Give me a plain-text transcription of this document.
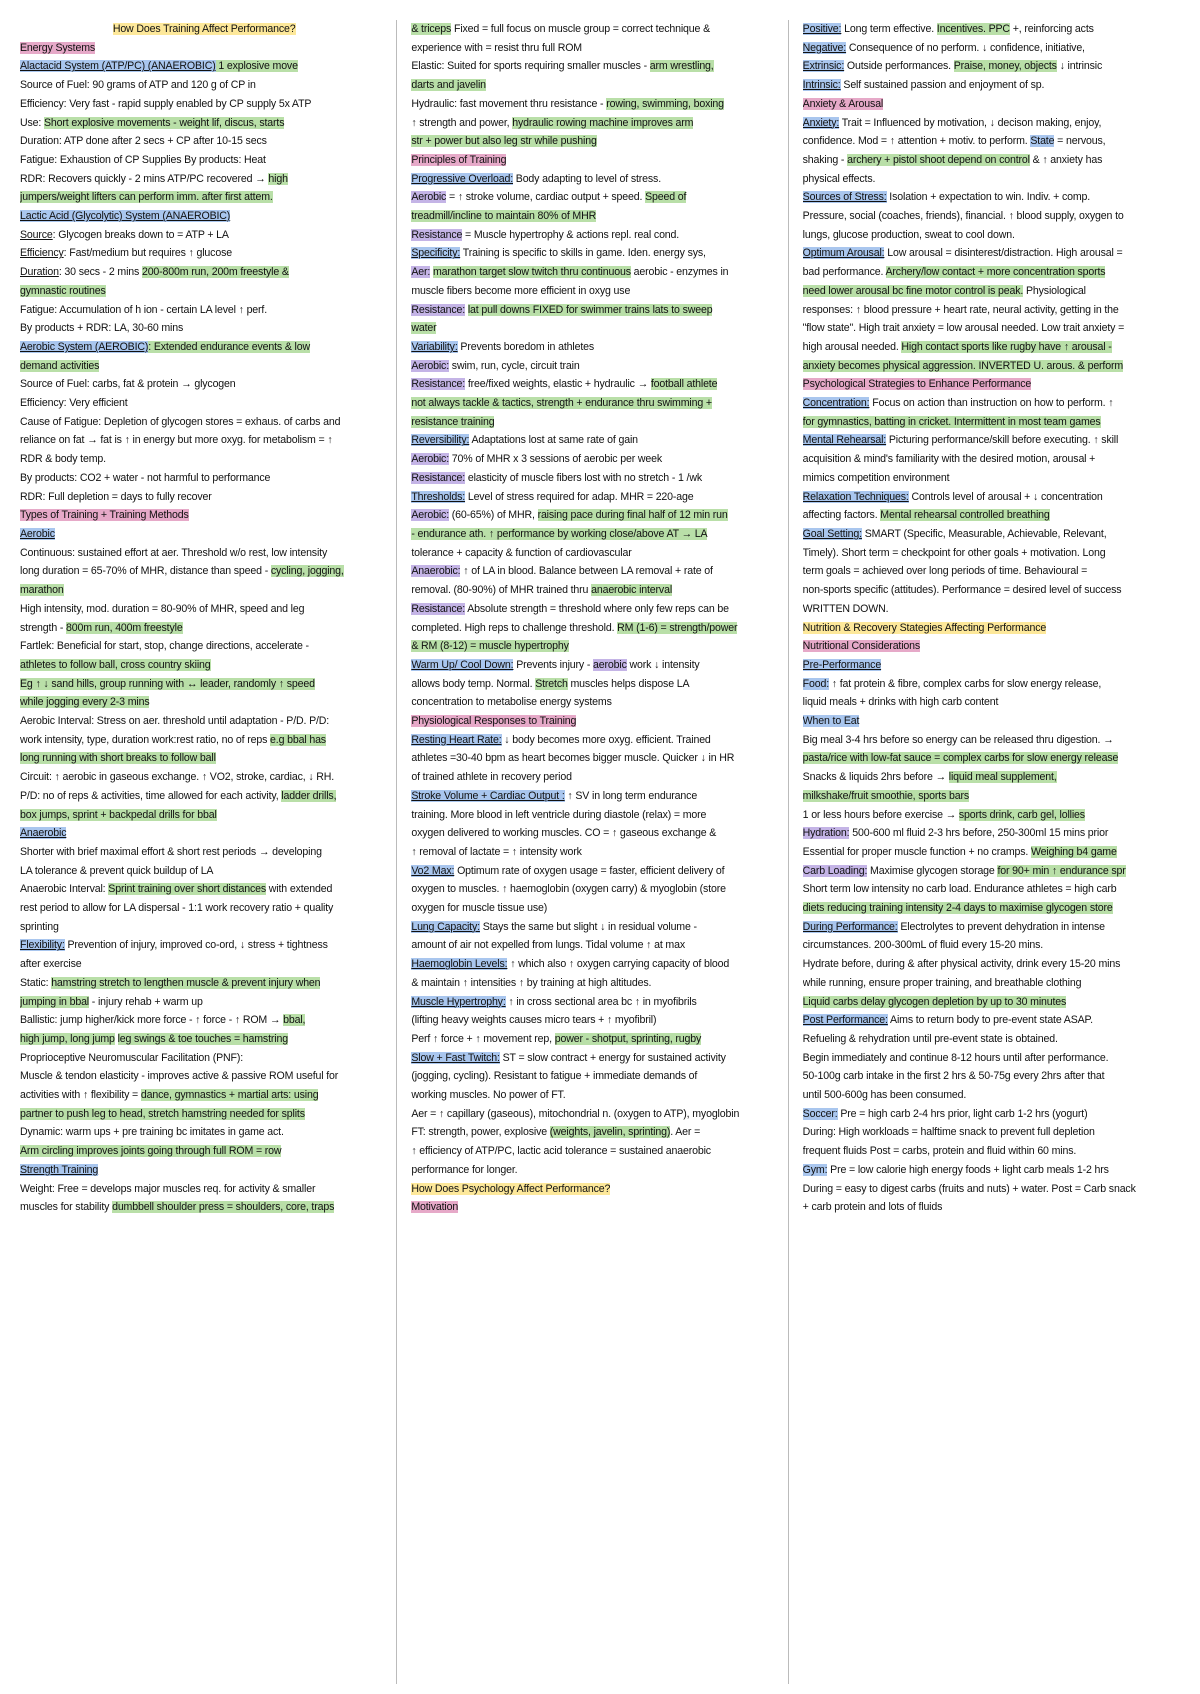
How Does Training Affect Performance?
Energy Systems
Alactacid System (ATP/PC) (ANAEROBIC) 1 explosive move
Source of Fuel: 90 grams of ATP and 120 g of CP in
Efficiency: Very fast - rapid supply enabled by CP supply 5x ATP
Use: Short explosive movements - weight lif, discus, starts
Duration: ATP done after 2 secs + CP after 10-15 secs
Fatigue: Exhaustion of CP Supplies By products: Heat
RDR: Recovers quickly - 2 mins ATP/PC recovered → high
jumpers/weight lifters can perform imm. after first attem.
Lactic Acid (Glycolytic) System (ANAEROBIC)
Source: Glycogen breaks down to = ATP + LA
Efficiency: Fast/medium but requires ↑ glucose
Duration: 30 secs - 2 mins 200-800m run, 200m freestyle &
gymnastic routines
Fatigue: Accumulation of h ion - certain LA level ↑ perf.
By products + RDR: LA, 30-60 mins
Aerobic System (AEROBIC): Extended endurance events & low
demand activities
Source of Fuel: carbs, fat & protein → glycogen
Efficiency: Very efficient
Cause of Fatigue: Depletion of glycogen stores = exhaus. of carbs and
reliance on fat → fat is ↑ in energy but more oxyg. for metabolism = ↑
RDR & body temp.
By products: CO2 + water - not harmful to performance
RDR: Full depletion = days to fully recover
Types of Training + Training Methods
Aerobic
Continuous: sustained effort at aer. Threshold w/o rest, low intensity
long duration = 65-70% of MHR, distance than speed - cycling, jogging,
marathon
High intensity, mod. duration = 80-90% of MHR, speed and leg
strength - 800m run, 400m freestyle
Fartlek: Beneficial for start, stop, change directions, accelerate -
athletes to follow ball, cross country skiing
Eg ↑ ↓ sand hills, group running with ↔ leader, randomly ↑ speed
while jogging every 2-3 mins
Aerobic Interval: Stress on aer. threshold until adaptation - P/D. P/D:
work intensity, type, duration work:rest ratio, no of reps e.g bbal has
long running with short breaks to follow ball
Circuit: ↑ aerobic in gaseous exchange. ↑ VO2, stroke, cardiac, ↓ RH.
P/D: no of reps & activities, time allowed for each activity, ladder drills,
box jumps, sprint + backpedal drills for bbal
Anaerobic
Shorter with brief maximal effort & short rest periods → developing
LA tolerance & prevent quick buildup of LA
Anaerobic Interval: Sprint training over short distances with extended
rest period to allow for LA dispersal - 1:1 work recovery ratio + quality
sprinting
Flexibility: Prevention of injury, improved co-ord, ↓ stress + tightness
after exercise
Static: hamstring stretch to lengthen muscle & prevent injury when
jumping in bbal - injury rehab + warm up
Ballistic: jump higher/kick more force - ↑ force - ↑ ROM → bbal,
high jump, long jump leg swings & toe touches = hamstring
Proprioceptive Neuromuscular Facilitation (PNF):
Muscle & tendon elasticity - improves active & passive ROM useful for
activities with ↑ flexibility = dance, gymnastics + martial arts: using
partner to push leg to head, stretch hamstring needed for splits
Dynamic: warm ups + pre training bc imitates in game act.
Arm circling improves joints going through full ROM = row
Strength Training
Weight: Free = develops major muscles req. for activity & smaller
muscles for stability dumbbell shoulder press = shoulders, core, traps
& triceps Fixed = full focus on muscle group = correct technique &
experience with = resist thru full ROM
Elastic: Suited for sports requiring smaller muscles - arm wrestling,
darts and javelin
Hydraulic: fast movement thru resistance - rowing, swimming, boxing
↑ strength and power, hydraulic rowing machine improves arm
str + power but also leg str while pushing
Principles of Training
Progressive Overload: Body adapting to level of stress.
Aerobic = ↑ stroke volume, cardiac output + speed. Speed of
treadmill/incline to maintain 80% of MHR
Resistance = Muscle hypertrophy & actions repl. real cond.
Specificity: Training is specific to skills in game. Iden. energy sys,
Aer: marathon target slow twitch thru continuous aerobic - enzymes in
muscle fibers become more efficient in oxyg use
Resistance: lat pull downs FIXED for swimmer trains lats to sweep
water
Variability: Prevents boredom in athletes
Aerobic: swim, run, cycle, circuit train
Resistance: free/fixed weights, elastic + hydraulic → football athlete
not always tackle & tactics, strength + endurance thru swimming +
resistance training
Reversibility: Adaptations lost at same rate of gain
Aerobic: 70% of MHR x 3 sessions of aerobic per week
Resistance: elasticity of muscle fibers lost with no stretch - 1 /wk
Thresholds: Level of stress required for adap. MHR = 220-age
Aerobic: (60-65%) of MHR, raising pace during final half of 12 min run
- endurance ath. ↑ performance by working close/above AT → LA
tolerance + capacity & function of cardiovascular
Anaerobic: ↑ of LA in blood. Balance between LA removal + rate of
removal. (80-90%) of MHR trained thru anaerobic interval
Resistance: Absolute strength = threshold where only few reps can be
completed. High reps to challenge threshold. RM (1-6) = strength/power
& RM (8-12) = muscle hypertrophy
Warm Up/ Cool Down: Prevents injury - aerobic work ↓ intensity
allows body temp. Normal. Stretch muscles helps dispose LA
concentration to metabolise energy systems
Physiological Responses to Training
Resting Heart Rate: ↓ body becomes more oxyg. efficient. Trained
athletes =30-40 bpm as heart becomes bigger muscle. Quicker ↓ in HR
of trained athlete in recovery period
Stroke Volume + Cardiac Output : ↑ SV in long term endurance
training. More blood in left ventricle during diastole (relax) = more
oxygen delivered to working muscles. CO = ↑ gaseous exchange &
↑ removal of lactate = ↑ intensity work
Vo2 Max: Optimum rate of oxygen usage = faster, efficient delivery of
oxygen to muscles. ↑ haemoglobin (oxygen carry) & myoglobin (store
oxygen for muscle tissue use)
Lung Capacity: Stays the same but slight ↓ in residual volume -
amount of air not expelled from lungs. Tidal volume ↑ at max
Haemoglobin Levels: ↑ which also ↑ oxygen carrying capacity of blood
& maintain ↑ intensities ↑ by training at high altitudes.
Muscle Hypertrophy: ↑ in cross sectional area bc ↑ in myofibrils
(lifting heavy weights causes micro tears + ↑ myofibril)
Perf ↑ force + ↑ movement rep, power - shotput, sprinting, rugby
Slow + Fast Twitch: ST = slow contract + energy for sustained activity
(jogging, cycling). Resistant to fatigue + immediate demands of
working muscles. No power of FT.
Aer = ↑ capillary (gaseous), mitochondrial n. (oxygen to ATP), myoglobin
FT: strength, power, explosive (weights, javelin, sprinting). Aer =
↑ efficiency of ATP/PC, lactic acid tolerance = sustained anaerobic
performance for longer.
How Does Psychology Affect Performance?
Motivation
Positive: Long term effective. Incentives. PPC +, reinforcing acts
Negative: Consequence of no perform. ↓ confidence, initiative,
Extrinsic: Outside performances. Praise, money, objects ↓ intrinsic
Intrinsic: Self sustained passion and enjoyment of sp.
Anxiety & Arousal
Anxiety: Trait = Influenced by motivation, ↓ decison making, enjoy,
confidence. Mod = ↑ attention + motiv. to perform. State = nervous,
shaking - archery + pistol shoot depend on control & ↑ anxiety has
physical effects.
Sources of Stress: Isolation + expectation to win. Indiv. + comp.
Pressure, social (coaches, friends), financial. ↑ blood supply, oxygen to
lungs, glucose production, sweat to cool down.
Optimum Arousal: Low arousal = disinterest/distraction. High arousal =
bad performance. Archery/low contact + more concentration sports
need lower arousal bc fine motor control is peak. Physiological
responses: ↑ blood pressure + heart rate, neural activity, getting in the
"flow state". High trait anxiety = low arousal needed. Low trait anxiety =
high arousal needed. High contact sports like rugby have ↑ arousal -
anxiety becomes physical aggression. INVERTED U. arous. & perform
Psychological Strategies to Enhance Performance
Concentration: Focus on action than instruction on how to perform. ↑
for gymnastics, batting in cricket. Intermittent in most team games
Mental Rehearsal: Picturing performance/skill before executing. ↑ skill
acquisition & mind's familiarity with the desired motion, arousal +
mimics competition environment
Relaxation Techniques: Controls level of arousal + ↓ concentration
affecting factors. Mental rehearsal controlled breathing
Goal Setting: SMART (Specific, Measurable, Achievable, Relevant,
Timely). Short term = checkpoint for other goals + motivation. Long
term goals = achieved over long periods of time. Behavioural =
non-sports specific (attitudes). Performance = desired level of success
WRITTEN DOWN.
Nutrition & Recovery Stategies Affecting Performance
Nutritional Considerations
Pre-Performance
Food: ↑ fat protein & fibre, complex carbs for slow energy release,
liquid meals + drinks with high carb content
When to Eat
Big meal 3-4 hrs before so energy can be released thru digestion. →
pasta/rice with low-fat sauce = complex carbs for slow energy release
Snacks & liquids 2hrs before → liquid meal supplement,
milkshake/fruit smoothie, sports bars
1 or less hours before exercise → sports drink, carb gel, lollies
Hydration: 500-600 ml fluid 2-3 hrs before, 250-300ml 15 mins prior
Essential for proper muscle function + no cramps. Weighing b4 game
Carb Loading: Maximise glycogen storage for 90+ min ↑ endurance spr
Short term low intensity no carb load. Endurance athletes = high carb
diets reducing training intensity 2-4 days to maximise glycogen store
During Performance: Electrolytes to prevent dehydration in intense
circumstances. 200-300mL of fluid every 15-20 mins.
Hydrate before, during & after physical activity, drink every 15-20 mins
while running, ensure proper training, and breathable clothing
Liquid carbs delay glycogen depletion by up to 30 minutes
Post Performance: Aims to return body to pre-event state ASAP.
Refueling & rehydration until pre-event state is obtained.
Begin immediately and continue 8-12 hours until after performance.
50-100g carb intake in the first 2 hrs & 50-75g every 2hrs after that
until 500-600g has been consumed.
Soccer: Pre = high carb 2-4 hrs prior, light carb 1-2 hrs (yogurt)
During: High workloads = halftime snack to prevent full depletion
frequent fluids Post = carbs, protein and fluid within 60 mins.
Gym: Pre = low calorie high energy foods + light carb meals 1-2 hrs
During = easy to digest carbs (fruits and nuts) + water. Post = Carb snack
+ carb protein and lots of fluids
